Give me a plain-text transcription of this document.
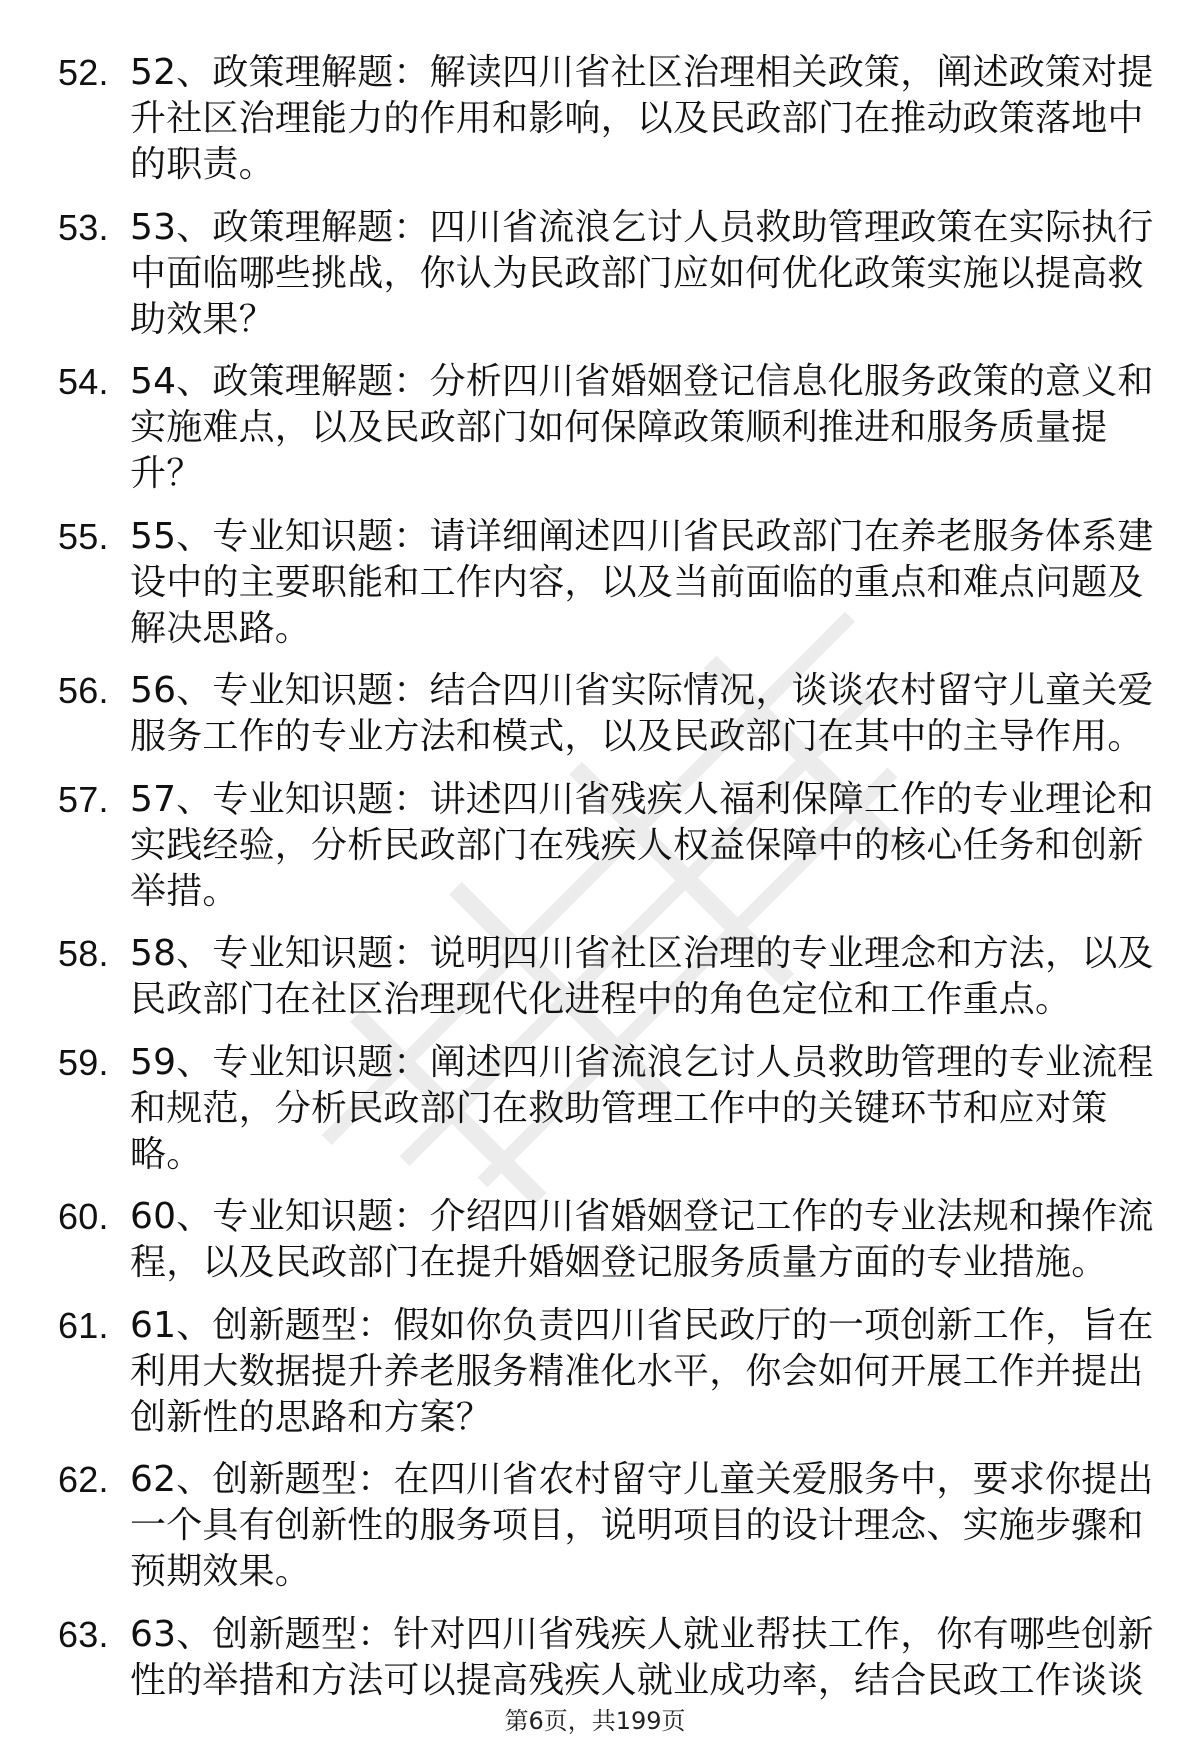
52. 52、政策理解题：解读四川省社区治理相关政策，阐述政策对提升社区治理能力的作用和影响，以及民政部门在推动政策落地中的职责。
53. 53、政策理解题：四川省流浪乞讨人员救助管理政策在实际执行中面临哪些挑战，你认为民政部门应如何优化政策实施以提高救助效果？
54. 54、政策理解题：分析四川省婚姻登记信息化服务政策的意义和实施难点，以及民政部门如何保障政策顺利推进和服务质量提升？
55. 55、专业知识题：请详细阐述四川省民政部门在养老服务体系建设中的主要职能和工作内容，以及当前面临的重点和难点问题及解决思路。
56. 56、专业知识题：结合四川省实际情况，谈谈农村留守儿童关爱服务工作的专业方法和模式，以及民政部门在其中的主导作用。
57. 57、专业知识题：讲述四川省残疾人福利保障工作的专业理论和实践经验，分析民政部门在残疾人权益保障中的核心任务和创新举措。
58. 58、专业知识题：说明四川省社区治理的专业理念和方法，以及民政部门在社区治理现代化进程中的角色定位和工作重点。
59. 59、专业知识题：阐述四川省流浪乞讨人员救助管理的专业流程和规范，分析民政部门在救助管理工作中的关键环节和应对策略。
60. 60、专业知识题：介绍四川省婚姻登记工作的专业法规和操作流程，以及民政部门在提升婚姻登记服务质量方面的专业措施。
61. 61、创新题型：假如你负责四川省民政厅的一项创新工作，旨在利用大数据提升养老服务精准化水平，你会如何开展工作并提出创新性的思路和方案？
62. 62、创新题型：在四川省农村留守儿童关爱服务中，要求你提出一个具有创新性的服务项目，说明项目的设计理念、实施步骤和预期效果。
63. 63、创新题型：针对四川省残疾人就业帮扶工作，你有哪些创新性的举措和方法可以提高残疾人就业成功率，结合民政工作谈谈
第6页，共199页
